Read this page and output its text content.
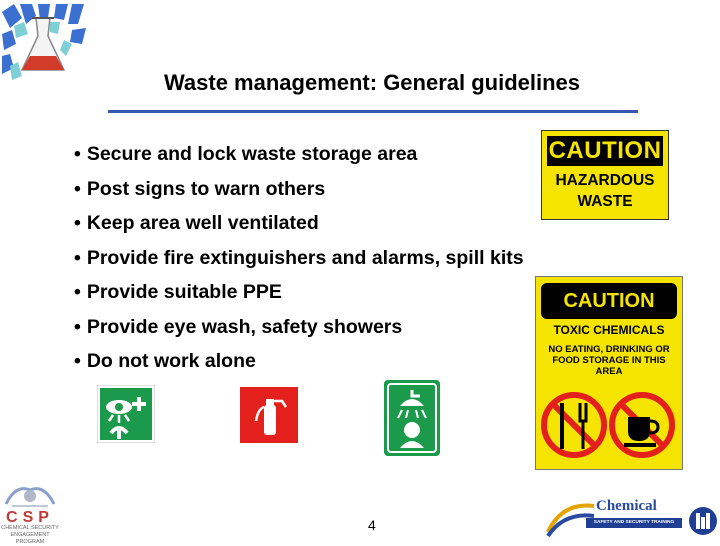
Waste management: General guidelines
• Secure and lock waste storage area
• Post signs to warn others
• Keep area well ventilated
• Provide fire extinguishers and alarms, spill kits
• Provide suitable PPE
• Provide eye wash, safety showers
• Do not work alone
CAUTION
HAZARDOUS
WASTE
CAUTION
TOXIC CHEMICALS
NO EATING, DRINKING OR FOOD STORAGE IN THIS AREA
CSP
CHEMICAL SECURITY
ENGAGEMENT PROGRAM
4
Chemical
SAFETY AND SECURITY TRAINING
